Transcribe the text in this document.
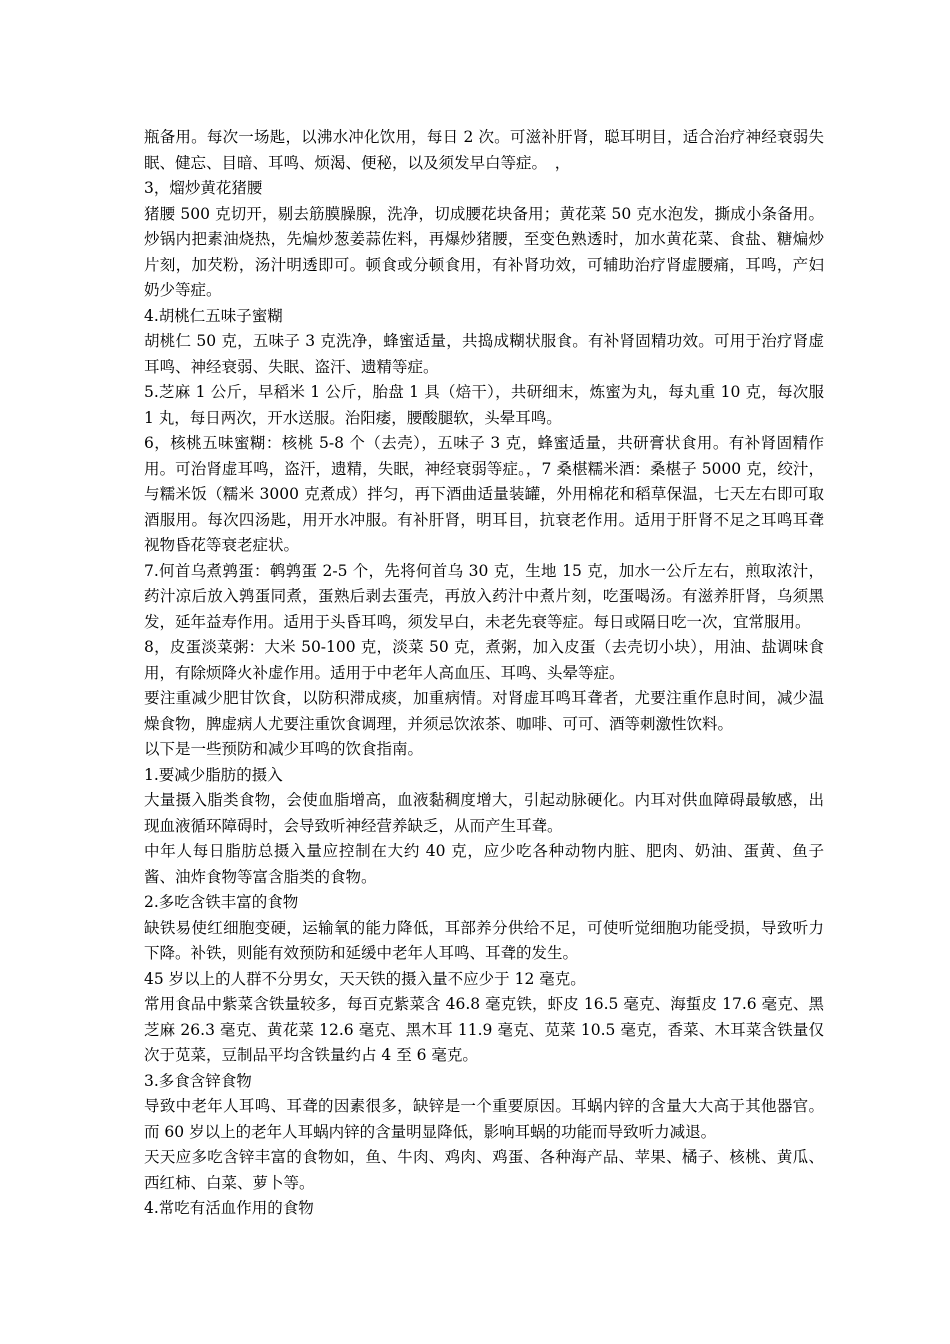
瓶备用。每次一场匙，以沸水冲化饮用，每日 2 次。可滋补肝肾，聪耳明目，适合治疗神经衰弱失眠、健忘、目暗、耳鸣、烦渴、便秘，以及须发早白等症。　，

3，熘炒黄花猪腰

猪腰 500 克切开，剔去筋膜臊腺，洗净，切成腰花块备用；黄花菜 50 克水泡发，撕成小条备用。炒锅内把素油烧热，先煸炒葱姜蒜佐料，再爆炒猪腰，至变色熟透时，加水黄花菜、食盐、糖煸炒片刻，加芡粉，汤汁明透即可。顿食或分顿食用，有补肾功效，可辅助治疗肾虚腰痛，耳鸣，产妇奶少等症。

4.胡桃仁五味子蜜糊

胡桃仁 50 克，五味子 3 克洗净，蜂蜜适量，共捣成糊状服食。有补肾固精功效。可用于治疗肾虚耳鸣、神经衰弱、失眠、盗汗、遗精等症。

5.芝麻 1 公斤，早稻米 1 公斤，胎盘 1 具（焙干），共研细末，炼蜜为丸，每丸重 10 克，每次服 1 丸，每日两次，开水送服。治阳痿，腰酸腿软，头晕耳鸣。

6，核桃五味蜜糊：核桃 5-8 个（去壳），五味子 3 克，蜂蜜适量，共研膏状食用。有补肾固精作用。可治肾虚耳鸣，盗汗，遗精，失眠，神经衰弱等症。，7 桑椹糯米酒：桑椹子 5000 克，绞汁，与糯米饭（糯米 3000 克煮成）拌匀，再下酒曲适量装罐，外用棉花和稻草保温，七天左右即可取酒服用。每次四汤匙，用开水冲服。有补肝肾，明耳目，抗衰老作用。适用于肝肾不足之耳鸣耳聋视物昏花等衰老症状。

7.何首乌煮鹑蛋：鹌鹑蛋 2-5 个，先将何首乌 30 克，生地 15 克，加水一公斤左右，煎取浓汁，药汁凉后放入鹑蛋同煮，蛋熟后剥去蛋壳，再放入药汁中煮片刻，吃蛋喝汤。有滋养肝肾，乌须黑发，延年益寿作用。适用于头昏耳鸣，须发早白，未老先衰等症。每日或隔日吃一次，宜常服用。

8，皮蛋淡菜粥：大米 50-100 克，淡菜 50 克，煮粥，加入皮蛋（去壳切小块），用油、盐调味食用，有除烦降火补虚作用。适用于中老年人高血压、耳鸣、头晕等症。

要注重减少肥甘饮食，以防积滞成痰，加重病情。对肾虚耳鸣耳聋者，尤要注重作息时间，减少温燥食物，脾虚病人尤要注重饮食调理，并须忌饮浓茶、咖啡、可可、酒等刺激性饮料。

以下是一些预防和减少耳鸣的饮食指南。

1.要减少脂肪的摄入

大量摄入脂类食物，会使血脂增高，血液黏稠度增大，引起动脉硬化。内耳对供血障碍最敏感，出现血液循环障碍时，会导致听神经营养缺乏，从而产生耳聋。

中年人每日脂肪总摄入量应控制在大约 40 克，应少吃各种动物内脏、肥肉、奶油、蛋黄、鱼子酱、油炸食物等富含脂类的食物。

2.多吃含铁丰富的食物

缺铁易使红细胞变硬，运输氧的能力降低，耳部养分供给不足，可使听觉细胞功能受损，导致听力下降。补铁，则能有效预防和延缓中老年人耳鸣、耳聋的发生。

45 岁以上的人群不分男女，天天铁的摄入量不应少于 12 毫克。

常用食品中紫菜含铁量较多，每百克紫菜含 46.8 毫克铁，虾皮 16.5 毫克、海蜇皮 17.6 毫克、黑芝麻 26.3 毫克、黄花菜 12.6 毫克、黑木耳 11.9 毫克、苋菜 10.5 毫克，香菜、木耳菜含铁量仅次于苋菜，豆制品平均含铁量约占 4 至 6 毫克。

3.多食含锌食物

导致中老年人耳鸣、耳聋的因素很多，缺锌是一个重要原因。耳蜗内锌的含量大大高于其他器官。而 60 岁以上的老年人耳蜗内锌的含量明显降低，影响耳蜗的功能而导致听力减退。

天天应多吃含锌丰富的食物如，鱼、牛肉、鸡肉、鸡蛋、各种海产品、苹果、橘子、核桃、黄瓜、西红柿、白菜、萝卜等。

4.常吃有活血作用的食物
